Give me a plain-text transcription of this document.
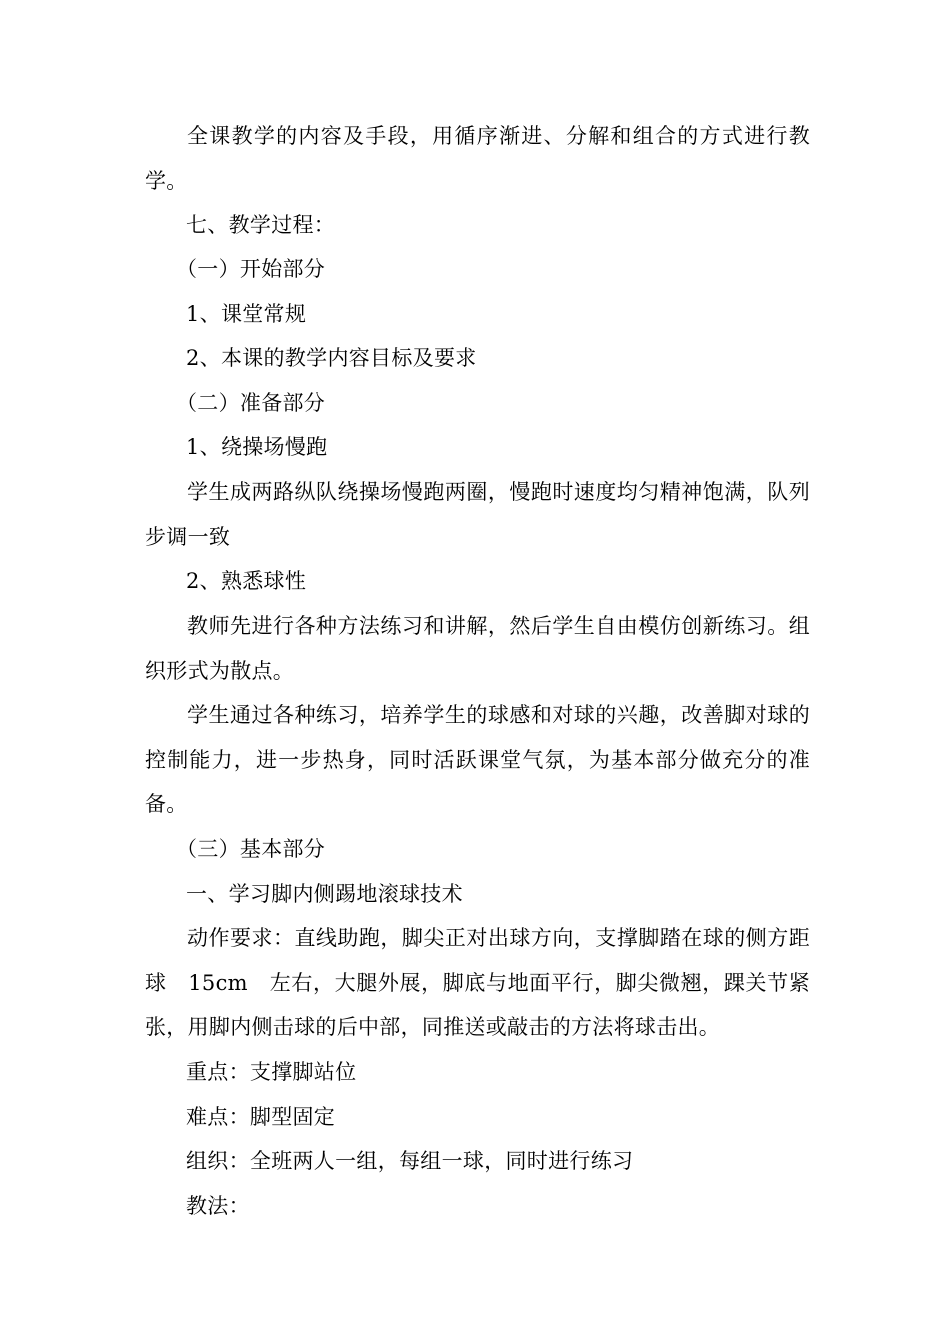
全课教学的内容及手段，用循序渐进、分解和组合的方式进行教学。
七、教学过程：
（一）开始部分
1、课堂常规
2、本课的教学内容目标及要求
（二）准备部分
1、绕操场慢跑
学生成两路纵队绕操场慢跑两圈，慢跑时速度均匀精神饱满，队列步调一致
2、熟悉球性
教师先进行各种方法练习和讲解，然后学生自由模仿创新练习。组织形式为散点。
学生通过各种练习，培养学生的球感和对球的兴趣，改善脚对球的控制能力，进一步热身，同时活跃课堂气氛，为基本部分做充分的准备。
（三）基本部分
一、学习脚内侧踢地滚球技术
动作要求：直线助跑，脚尖正对出球方向，支撑脚踏在球的侧方距球　15cm　左右，大腿外展，脚底与地面平行，脚尖微翘，踝关节紧张，用脚内侧击球的后中部，同推送或敲击的方法将球击出。
重点：支撑脚站位
难点：脚型固定
组织：全班两人一组，每组一球，同时进行练习
教法：
